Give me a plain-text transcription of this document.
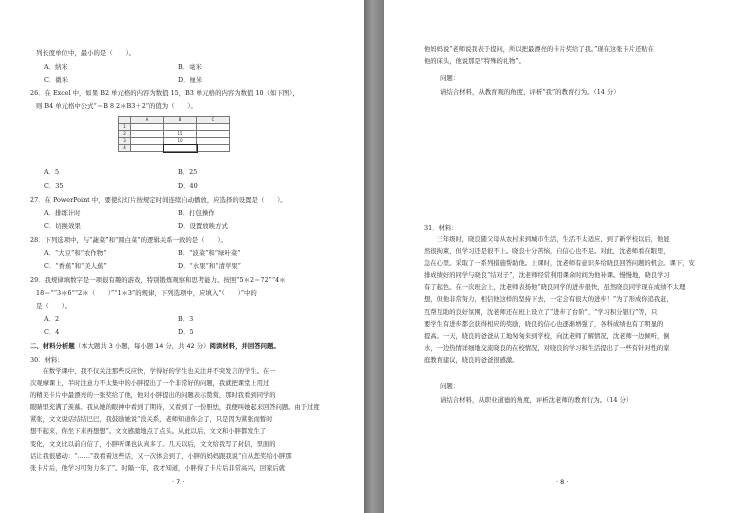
列长度单位中，最小的是（　　）。
A．纳米	B．毫米
C．微米	D．厘米
26．在 Excel 中，如果 B2 单元格的内容为数值 15，B3 单元格的内容为数值 10（如下图），
则 B4 单元格中公式“＝B 8 2＊B3＋2”的值为（　　）。
	A	B	C
1			
2		15	
3		10	
4			
A．5	B．25
C．35	D．40
27．在 PowerPoint 中，要使幻灯片按规定时间连续自动播放，应选择的设置是（　　）。
A．排练计时	B．打包操作
C．切换效果	D．设置放映方式
28．下列选项中，与“蔬菜”和“圆白菜”的逻辑关系一致的是（　　）。
A．“大豆”和“农作物”	B．“波菜”和“绿叶菜”
C．“香蕉”和“美人蕉”	D．“水果”和“清苹果”
29．我规律填数字是一项很有趣的游戏，特别锻炼观察和思考能力。按照“5＊2＝72”“4＊
18＝”“3＊6”“2＊（　　）”“1＊3”的规律，下列选项中，应填入“（　　）”中的
是（　　）。
A．2	B．3
C．4	D．5
二、材料分析题（本大题共 3 小题，每小题 14 分，共 42 分）阅读材料，并回答问题。
30．材料：
　　在数学课中，我不仅关注那些反应快，学得好的学生也关注并不突发言的学生。在一
次观摩课上，半时注意力不太集中的小胖提出了一个非常好的问题，我就把课堂上用过
的精美卡片中最漂亮的一张奖给了他，他对小胖提出的问题表示赞赏，那时我看到同学的
眼睛里充满了羡慕。我从她的眼神中看到了期待，又看到了一份胆怯，我便叫她起来回答问题。由于过度
紧张，文文说话结结巴巴，我鼓励她说“没关系，老师知道你会了，只是因为紧张而暂时
想不起来，你坐下来再想想”。文文感激地点了点头。从此以后，文文和小胖都发生了
变化，文文比以前自信了，小胖听课也认真多了。几天以后，文文给我写了封信，里面的
话让我很感动：“……”我看着这些话，又一次体会到了，小胖的妈妈跟我说“自从您奖给小胖那
张卡片后，他学习可努力多了”。时隔一年，我才知道，小胖得了卡片后非常高兴，回家后就
· 7 ·
他妈妈说“老师说我表于提问，所以把最漂亮的卡片奖给了我。”现在这张卡片还贴在
他的床头，他说那是“特殊的礼物”。
问题：
请结合材料，从教育观的角度，评析“我”的教育行为。（14 分）
31．材料：
　　三年级时，晓良随父母从农村来到城市生活，生活不太适应，到了新学校以后，他显
然很拘束，但学习还是很不上。晓良十分苦恼，自信心也不足。对此，沈老师看在眼里，
急在心里。采取了一系列措施帮助他。上课时，沈老师有意识多给晓良回答问题的机会。课下，安
排成绩好的同学与晓良“结对子”，沈老师经常利用课余时间为他补课。慢慢地，晓良学习
有了起色。在一次班会上，沈老师表扬他“晓良同学的进步很快，虽然晓良同学现在成绩不太理
想，但他非常努力，相信他这样的坚持下去，一定会有很大的进步！”为了形成你追我赶，
互帮互助的良好氛围，沈老师还在班上设立了“进步了台阶”、“学习积分银行”等，只
要学生有进步都会获得相应的奖励，晓良的信心也逐渐增强了，各科成绩也有了明显的
提高。一天，晓良的爸爸从工地匆匆来到学校，向沈老师了解情况，沈老师一边倾听，倒
水，一边热情详细地交流晓良的在校情况，对晓良的学习和生活提出了一些有针对性的家
庭教育建议，晓良的爸爸很感激。
问题：
请结合材料，从职业道德的角度，评析沈老师的教育行为。（14 分）
· 8 ·
